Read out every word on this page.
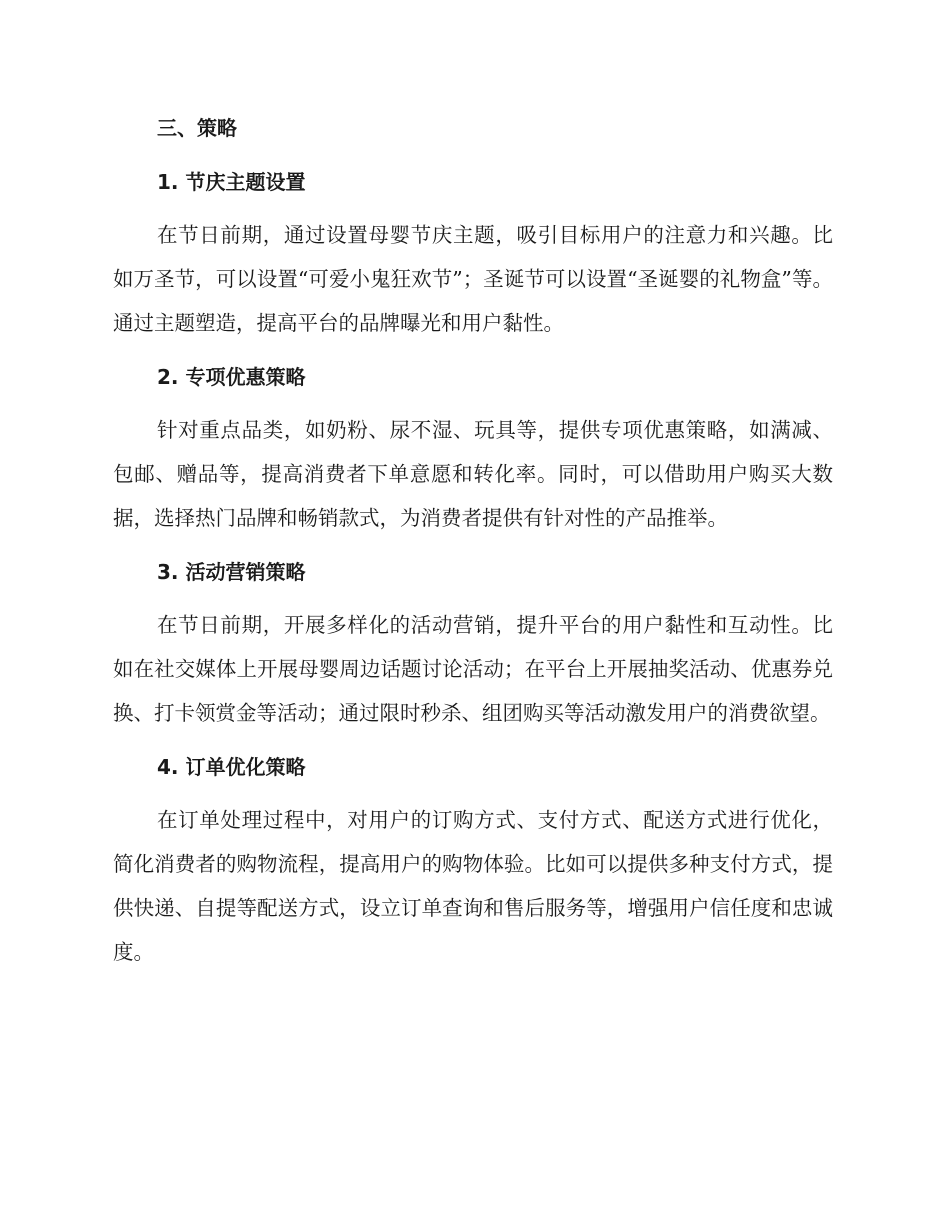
三、策略
1. 节庆主题设置

在节日前期，通过设置母婴节庆主题，吸引目标用户的注意力和兴趣。比如万圣节，可以设置“可爱小鬼狂欢节”；圣诞节可以设置“圣诞婴的礼物盒”等。通过主题塑造，提高平台的品牌曝光和用户黏性。

2. 专项优惠策略

针对重点品类，如奶粉、尿不湿、玩具等，提供专项优惠策略，如满减、包邮、赠品等，提高消费者下单意愿和转化率。同时，可以借助用户购买大数据，选择热门品牌和畅销款式，为消费者提供有针对性的产品推举。

3. 活动营销策略

在节日前期，开展多样化的活动营销，提升平台的用户黏性和互动性。比如在社交媒体上开展母婴周边话题讨论活动；在平台上开展抽奖活动、优惠券兑换、打卡领赏金等活动；通过限时秒杀、组团购买等活动激发用户的消费欲望。

4. 订单优化策略

在订单处理过程中，对用户的订购方式、支付方式、配送方式进行优化，简化消费者的购物流程，提高用户的购物体验。比如可以提供多种支付方式，提供快递、自提等配送方式，设立订单查询和售后服务等，增强用户信任度和忠诚度。
